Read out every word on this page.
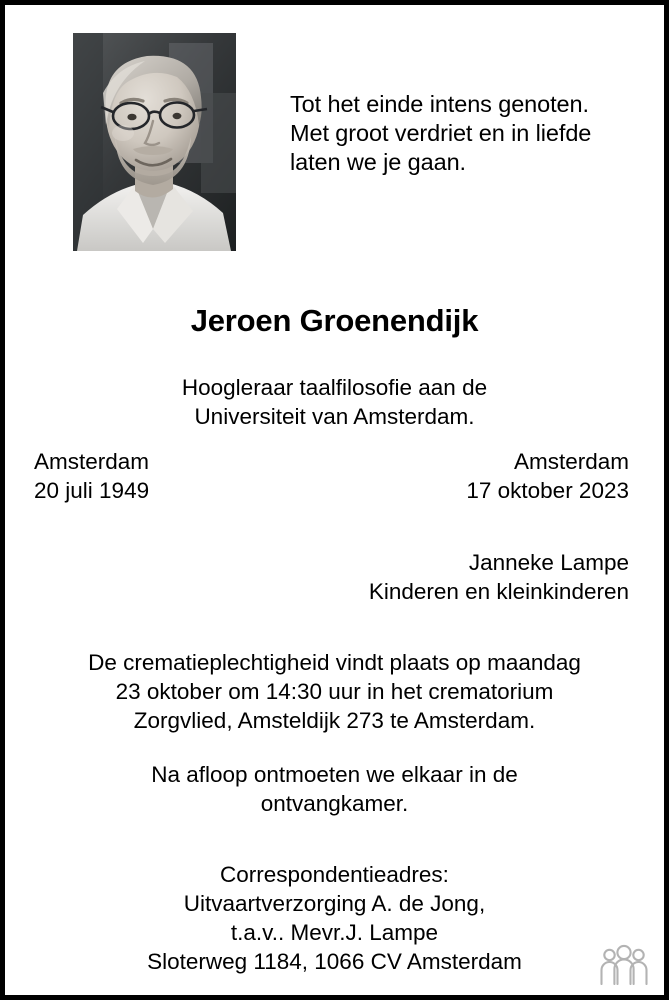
Tot het einde intens genoten.
Met groot verdriet en in liefde
laten we je gaan.
Jeroen Groenendijk
Hoogleraar taalfilosofie aan de
Universiteit van Amsterdam.
Amsterdam
20 juli 1949
Amsterdam
17 oktober 2023
Janneke Lampe
Kinderen en kleinkinderen
De crematieplechtigheid vindt plaats op maandag
23 oktober om 14:30 uur in het crematorium
Zorgvlied, Amsteldijk 273 te Amsterdam.
Na afloop ontmoeten we elkaar in de
ontvangkamer.
Correspondentieadres:
Uitvaartverzorging A. de Jong,
t.a.v.. Mevr.J. Lampe
Sloterweg 1184, 1066 CV Amsterdam
